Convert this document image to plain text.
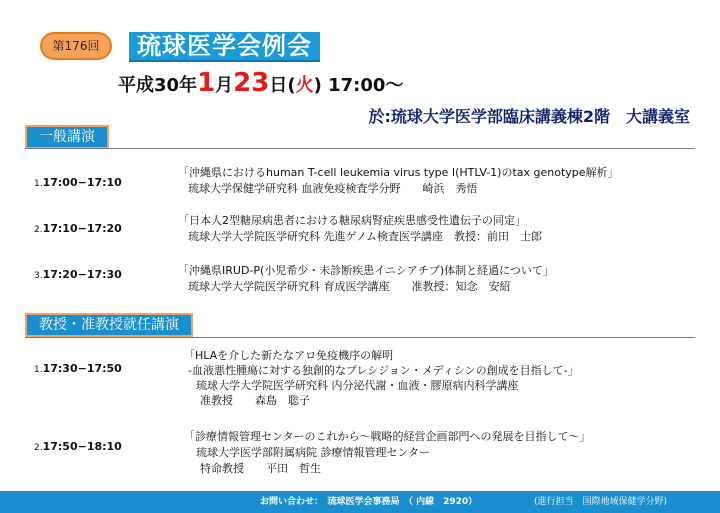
第176回	琉球医学会例会
平成30年1月23日(火) 17:00〜
於:琉球大学医学部臨床講義棟2階　大講義室
一般講演
1.17:00−17:10
「沖縄県におけるhuman T-cell leukemia virus type I(HTLV-1)のtax genotype解析」
琉球大学保健学研究科 血液免疫検査学分野　　崎浜　秀悟
2.17:10−17:20
「日本人2型糖尿病患者における糖尿病腎症疾患感受性遺伝子の同定」
琉球大学大学院医学研究科 先進ゲノム検査医学講座　教授：前田　士郎
3.17:20−17:30	「沖縄県IRUD-P(小児希少・未診断疾患イニシアチブ)体制と経過について」
琉球大学大学院医学研究科 育成医学講座　　准教授：知念　安紹
教授・准教授就任講演
1.17:30−17:50
「HLAを介した新たなアロ免疫機序の解明
-血液悪性腫瘍に対する独創的なプレシジョン・メディシンの創成を目指して-」
琉球大学大学院医学研究科 内分泌代謝・血液・膠原病内科学講座
准教授　　森島　聡子
2.17:50−18:10
「診療情報管理センターのこれから〜戦略的経営企画部門への発展を目指して〜」
琉球大学医学部附属病院 診療情報管理センター
特命教授　　平田　哲生
お問い合わせ：　琉球医学会事務局　（ 内線　2920）	(進行担当　国際地域保健学分野)
